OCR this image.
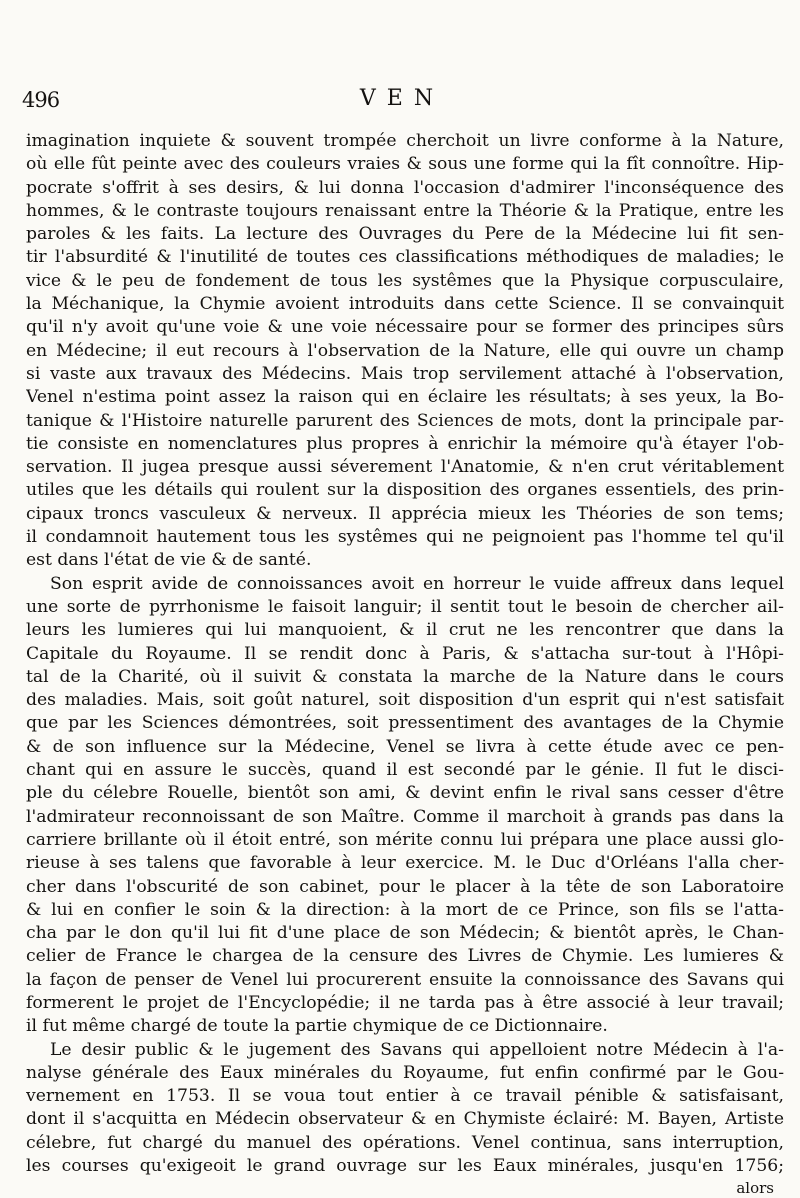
496	VEN
imagination inquiete & souvent trompée cherchoit un livre conforme à la Nature,
où elle fût peinte avec des couleurs vraies & sous une forme qui la fît connoître. Hip-
pocrate s'offrit à ses desirs, & lui donna l'occasion d'admirer l'inconséquence des
hommes, & le contraste toujours renaissant entre la Théorie & la Pratique, entre les
paroles & les faits. La lecture des Ouvrages du Pere de la Médecine lui fit sen-
tir l'absurdité & l'inutilité de toutes ces classifications méthodiques de maladies; le
vice & le peu de fondement de tous les systêmes que la Physique corpusculaire,
la Méchanique, la Chymie avoient introduits dans cette Science. Il se convainquit
qu'il n'y avoit qu'une voie & une voie nécessaire pour se former des principes sûrs
en Médecine; il eut recours à l'observation de la Nature, elle qui ouvre un champ
si vaste aux travaux des Médecins. Mais trop servilement attaché à l'observation,
Venel n'estima point assez la raison qui en éclaire les résultats; à ses yeux, la Bo-
tanique & l'Histoire naturelle parurent des Sciences de mots, dont la principale par-
tie consiste en nomenclatures plus propres à enrichir la mémoire qu'à étayer l'ob-
servation. Il jugea presque aussi séverement l'Anatomie, & n'en crut véritablement
utiles que les détails qui roulent sur la disposition des organes essentiels, des prin-
cipaux troncs vasculeux & nerveux. Il apprécia mieux les Théories de son tems;
il condamnoit hautement tous les systêmes qui ne peignoient pas l'homme tel qu'il
est dans l'état de vie & de santé.
Son esprit avide de connoissances avoit en horreur le vuide affreux dans lequel
une sorte de pyrrhonisme le faisoit languir; il sentit tout le besoin de chercher ail-
leurs les lumieres qui lui manquoient, & il crut ne les rencontrer que dans la
Capitale du Royaume. Il se rendit donc à Paris, & s'attacha sur-tout à l'Hôpi-
tal de la Charité, où il suivit & constata la marche de la Nature dans le cours
des maladies. Mais, soit goût naturel, soit disposition d'un esprit qui n'est satisfait
que par les Sciences démontrées, soit pressentiment des avantages de la Chymie
& de son influence sur la Médecine, Venel se livra à cette étude avec ce pen-
chant qui en assure le succès, quand il est secondé par le génie. Il fut le disci-
ple du célebre Rouelle, bientôt son ami, & devint enfin le rival sans cesser d'être
l'admirateur reconnoissant de son Maître. Comme il marchoit à grands pas dans la
carriere brillante où il étoit entré, son mérite connu lui prépara une place aussi glo-
rieuse à ses talens que favorable à leur exercice. M. le Duc d'Orléans l'alla cher-
cher dans l'obscurité de son cabinet, pour le placer à la tête de son Laboratoire
& lui en confier le soin & la direction: à la mort de ce Prince, son fils se l'atta-
cha par le don qu'il lui fit d'une place de son Médecin; & bientôt après, le Chan-
celier de France le chargea de la censure des Livres de Chymie. Les lumieres &
la façon de penser de Venel lui procurerent ensuite la connoissance des Savans qui
formerent le projet de l'Encyclopédie; il ne tarda pas à être associé à leur travail;
il fut même chargé de toute la partie chymique de ce Dictionnaire.
Le desir public & le jugement des Savans qui appelloient notre Médecin à l'a-
nalyse générale des Eaux minérales du Royaume, fut enfin confirmé par le Gou-
vernement en 1753. Il se voua tout entier à ce travail pénible & satisfaisant,
dont il s'acquitta en Médecin observateur & en Chymiste éclairé: M. Bayen, Artiste
célebre, fut chargé du manuel des opérations. Venel continua, sans interruption,
les courses qu'exigeoit le grand ouvrage sur les Eaux minérales, jusqu'en 1756;
alors
